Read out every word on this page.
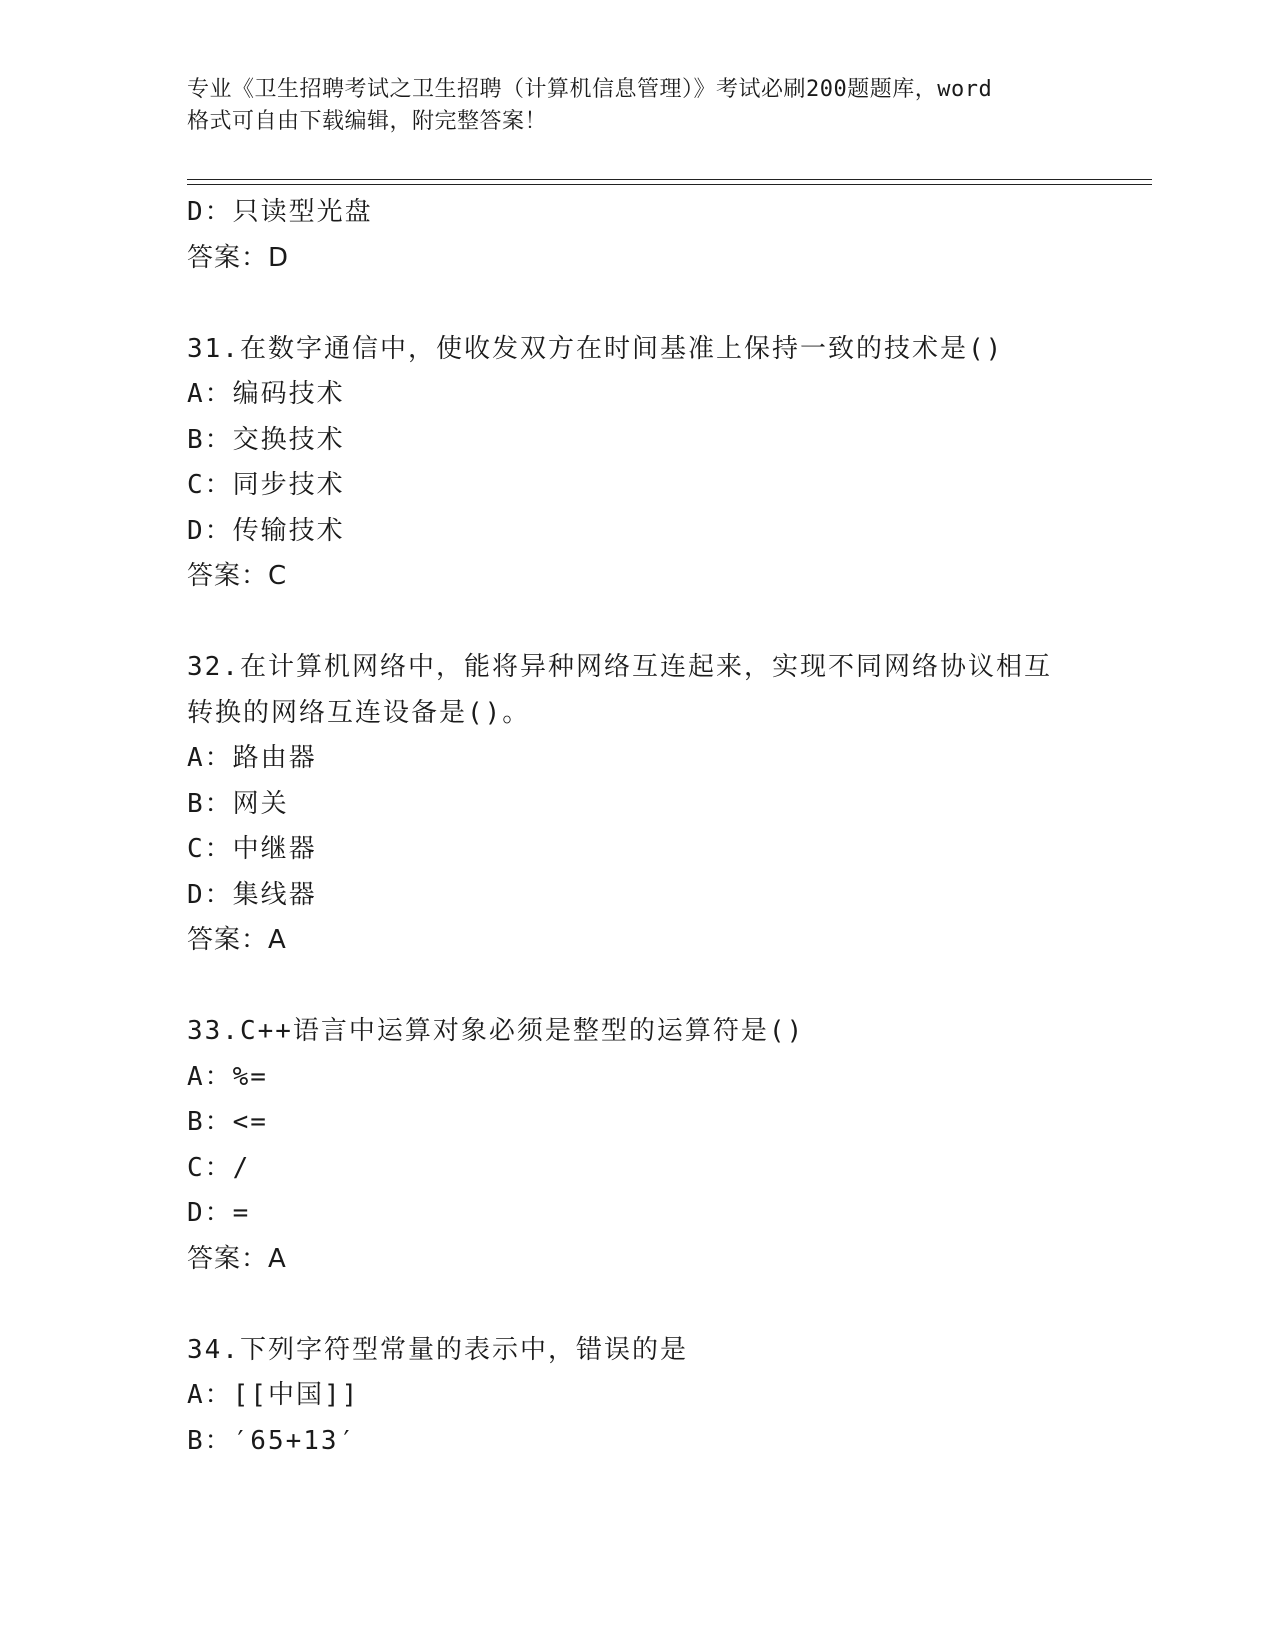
专业《卫生招聘考试之卫生招聘（计算机信息管理）》考试必刷200题题库，word
格式可自由下载编辑，附完整答案！
D：只读型光盘
答案：D
31.在数字通信中，使收发双方在时间基准上保持一致的技术是()
A：编码技术
B：交换技术
C：同步技术
D：传输技术
答案：C
32.在计算机网络中，能将异种网络互连起来，实现不同网络协议相互
转换的网络互连设备是()。
A：路由器
B：网关
C：中继器
D：集线器
答案：A
33.C++语言中运算对象必须是整型的运算符是()
A：%=
B：<=
C：/
D：=
答案：A
34.下列字符型常量的表示中，错误的是
A：[[中国]]
B：′65+13′
